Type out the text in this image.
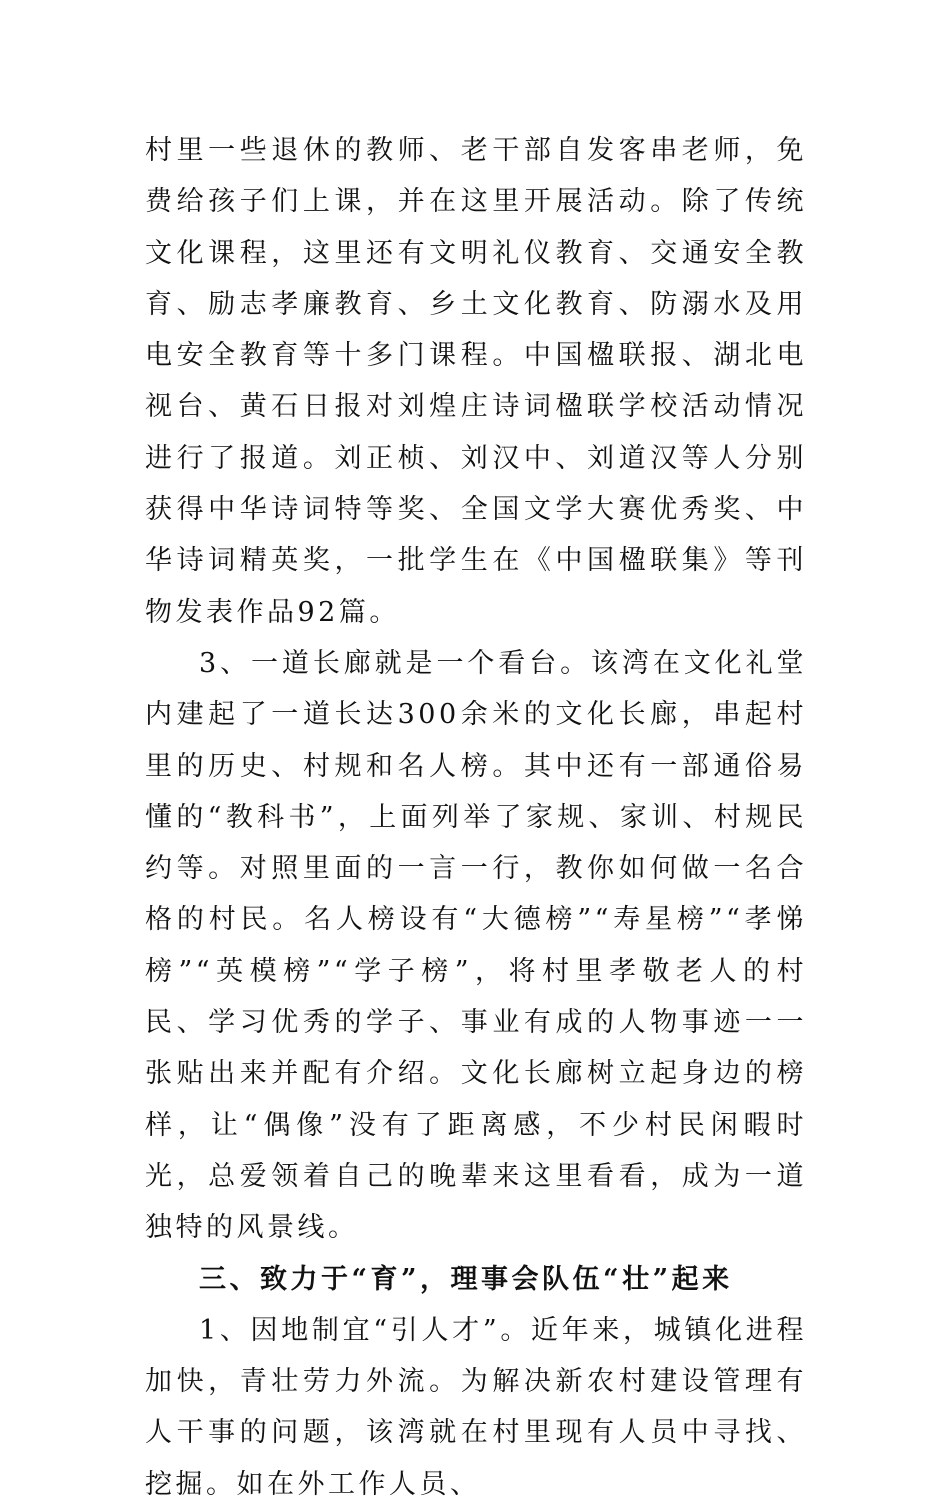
村里一些退休的教师、老干部自发客串老师，免费给孩子们上课，并在这里开展活动。除了传统文化课程，这里还有文明礼仪教育、交通安全教育、励志孝廉教育、乡土文化教育、防溺水及用电安全教育等十多门课程。中国楹联报、湖北电视台、黄石日报对刘煌庄诗词楹联学校活动情况进行了报道。刘正桢、刘汉中、刘道汉等人分别获得中华诗词特等奖、全国文学大赛优秀奖、中华诗词精英奖，一批学生在《中国楹联集》等刊物发表作品92篇。

3、一道长廊就是一个看台。该湾在文化礼堂内建起了一道长达300余米的文化长廊，串起村里的历史、村规和名人榜。其中还有一部通俗易懂的“教科书”，上面列举了家规、家训、村规民约等。对照里面的一言一行，教你如何做一名合格的村民。名人榜设有“大德榜”“寿星榜”“孝悌榜”“英模榜”“学子榜”，将村里孝敬老人的村民、学习优秀的学子、事业有成的人物事迹一一张贴出来并配有介绍。文化长廊树立起身边的榜样，让“偶像”没有了距离感，不少村民闲暇时光，总爱领着自己的晚辈来这里看看，成为一道独特的风景线。

三、致力于“育”，理事会队伍“壮”起来

1、因地制宜“引人才”。近年来，城镇化进程加快，青壮劳力外流。为解决新农村建设管理有人干事的问题，该湾就在村里现有人员中寻找、挖掘。如在外工作人员、
